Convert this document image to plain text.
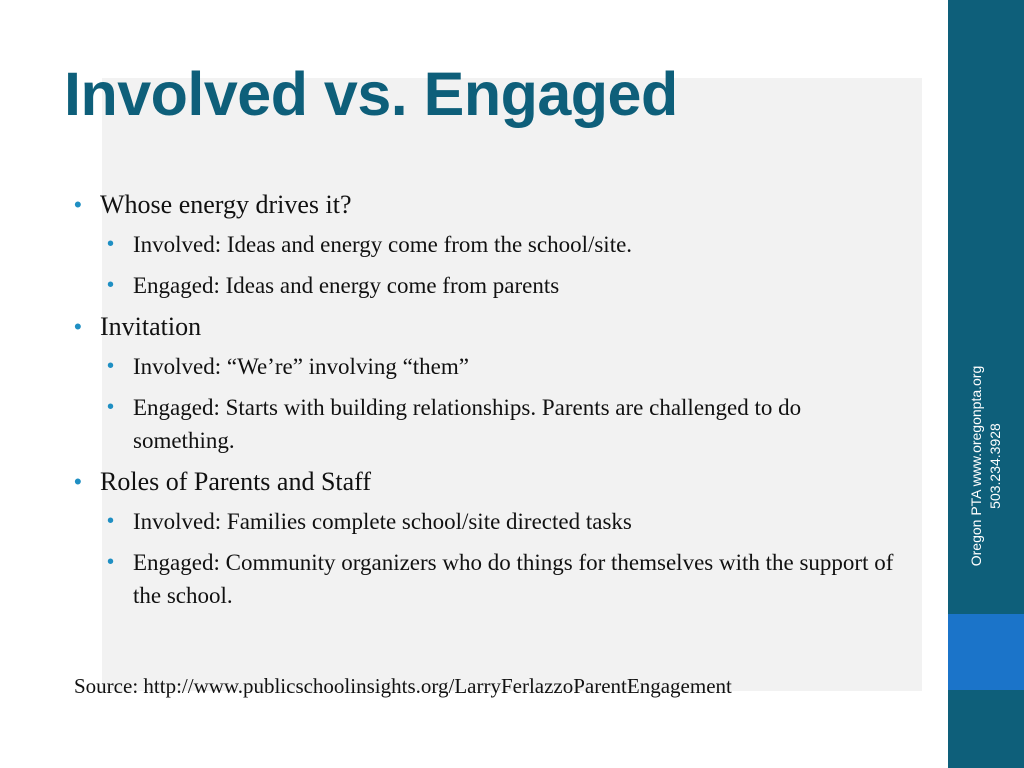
Involved vs. Engaged
• Whose energy drives it?
• Involved: Ideas and energy come from the school/site.
• Engaged: Ideas and energy come from parents
• Invitation
• Involved: “We’re” involving “them”
• Engaged: Starts with building relationships. Parents are challenged to do something.
• Roles of Parents and Staff
• Involved: Families complete school/site directed tasks
• Engaged: Community organizers who do things for themselves with the support of the school.

Source: http://www.publicschoolinsights.org/LarryFerlazzoParentEngagement

Oregon PTA www.oregonpta.org 503.234.3928
